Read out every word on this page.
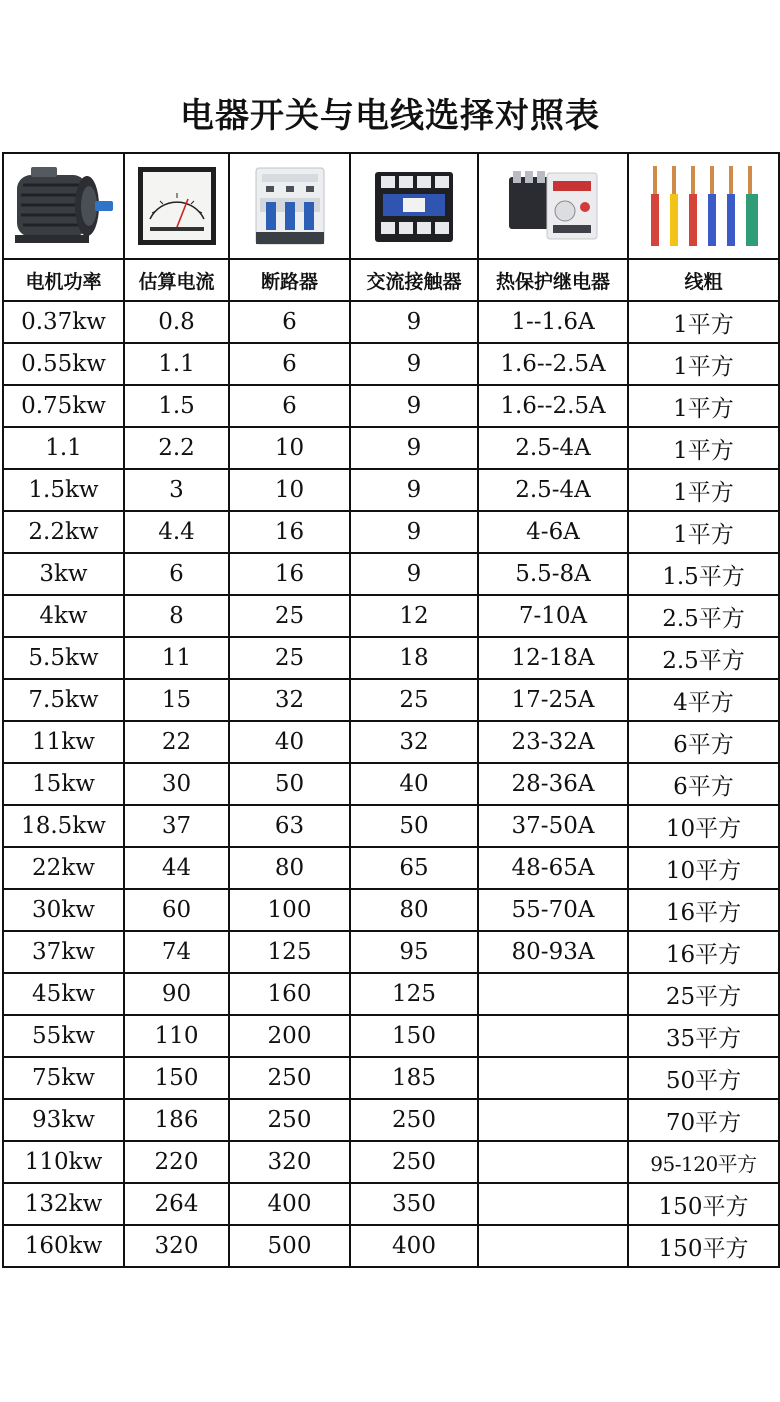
电器开关与电线选择对照表

电机功率	估算电流	断路器	交流接触器	热保护继电器	线粗
0.37kw	0.8	6	9	1--1.6A	1平方
0.55kw	1.1	6	9	1.6--2.5A	1平方
0.75kw	1.5	6	9	1.6--2.5A	1平方
1.1	2.2	10	9	2.5-4A	1平方
1.5kw	3	10	9	2.5-4A	1平方
2.2kw	4.4	16	9	4-6A	1平方
3kw	6	16	9	5.5-8A	1.5平方
4kw	8	25	12	7-10A	2.5平方
5.5kw	11	25	18	12-18A	2.5平方
7.5kw	15	32	25	17-25A	4平方
11kw	22	40	32	23-32A	6平方
15kw	30	50	40	28-36A	6平方
18.5kw	37	63	50	37-50A	10平方
22kw	44	80	65	48-65A	10平方
30kw	60	100	80	55-70A	16平方
37kw	74	125	95	80-93A	16平方
45kw	90	160	125		25平方
55kw	110	200	150		35平方
75kw	150	250	185		50平方
93kw	186	250	250		70平方
110kw	220	320	250		95-120平方
132kw	264	400	350		150平方
160kw	320	500	400		150平方
